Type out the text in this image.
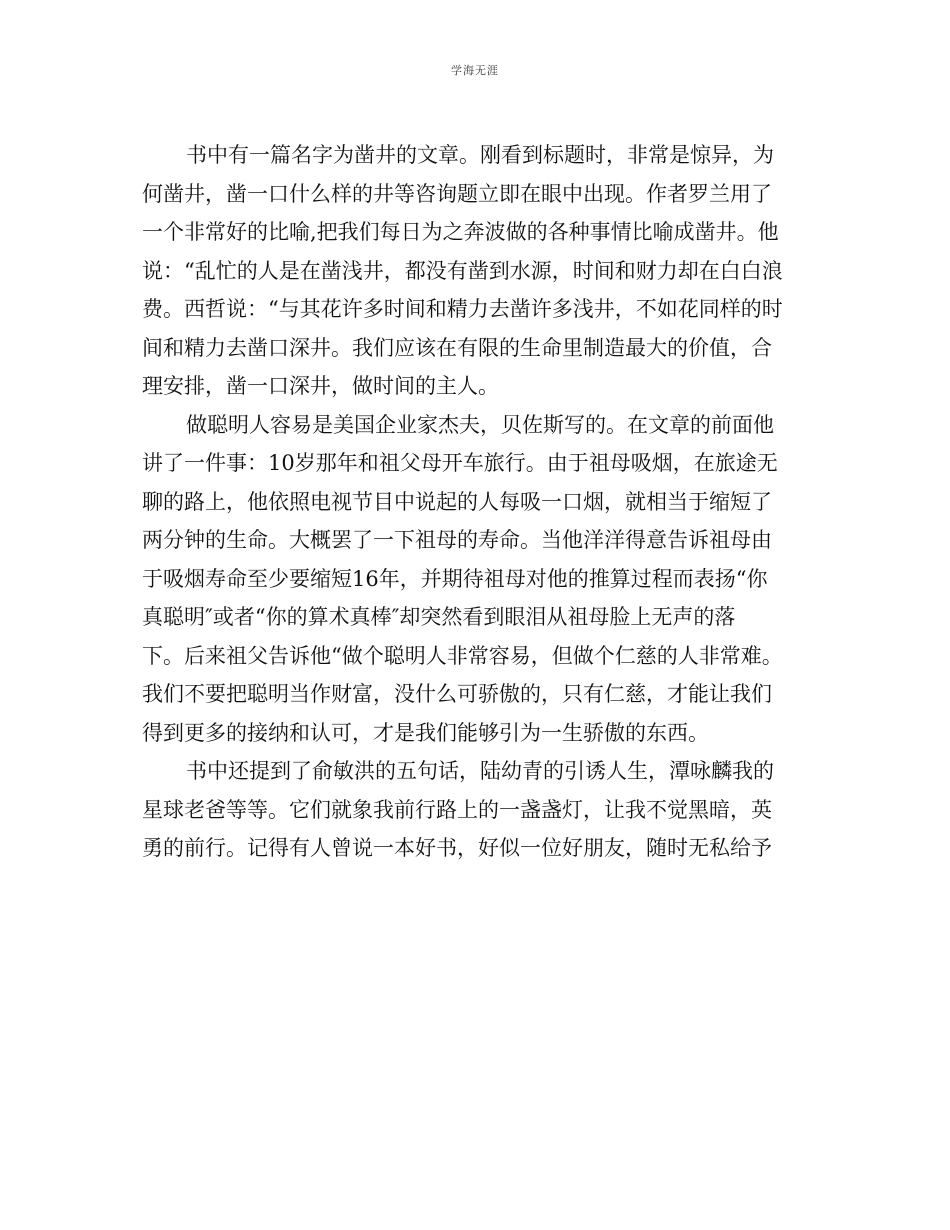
学海无涯
书中有一篇名字为凿井的文章。刚看到标题时，非常是惊异，为
何凿井，凿一口什么样的井等咨询题立即在眼中出现。作者罗兰用了
一个非常好的比喻,把我们每日为之奔波做的各种事情比喻成凿井。他
说：“乱忙的人是在凿浅井，都没有凿到水源，时间和财力却在白白浪
费。西哲说：“与其花许多时间和精力去凿许多浅井，不如花同样的时
间和精力去凿口深井。我们应该在有限的生命里制造最大的价值，合
理安排，凿一口深井，做时间的主人。
做聪明人容易是美国企业家杰夫，贝佐斯写的。在文章的前面他
讲了一件事：10岁那年和祖父母开车旅行。由于祖母吸烟，在旅途无
聊的路上，他依照电视节目中说起的人每吸一口烟，就相当于缩短了
两分钟的生命。大概罢了一下祖母的寿命。当他洋洋得意告诉祖母由
于吸烟寿命至少要缩短16年，并期待祖母对他的推算过程而表扬“你
真聪明″或者“你的算术真棒″却突然看到眼泪从祖母脸上无声的落
下。后来祖父告诉他“做个聪明人非常容易，但做个仁慈的人非常难。
我们不要把聪明当作财富，没什么可骄傲的，只有仁慈，才能让我们
得到更多的接纳和认可，才是我们能够引为一生骄傲的东西。
书中还提到了俞敏洪的五句话，陆幼青的引诱人生，潭咏麟我的
星球老爸等等。它们就象我前行路上的一盏盏灯，让我不觉黑暗，英
勇的前行。记得有人曾说一本好书，好似一位好朋友，随时无私给予
